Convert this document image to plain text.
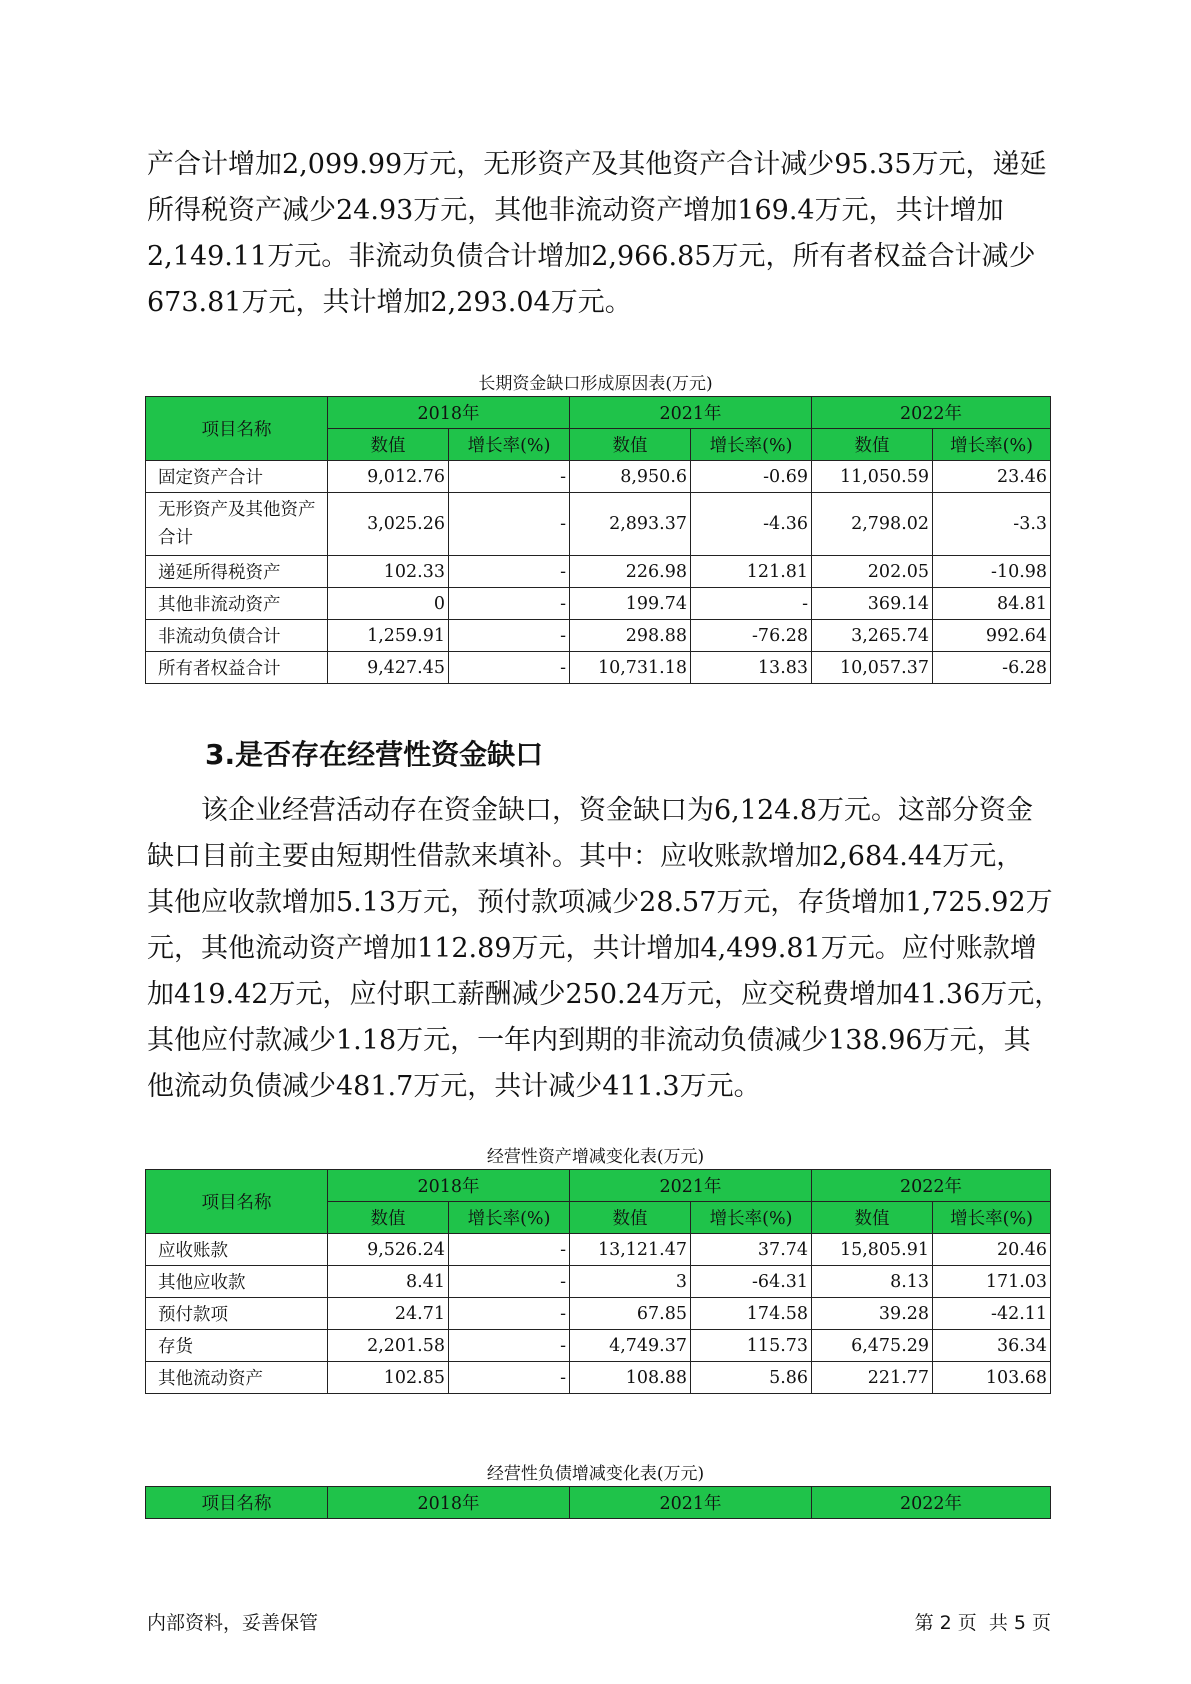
产合计增加2,099.99万元，无形资产及其他资产合计减少95.35万元，递延

所得税资产减少24.93万元，其他非流动资产增加169.4万元，共计增加

2,149.11万元。非流动负债合计增加2,966.85万元，所有者权益合计减少

673.81万元，共计增加2,293.04万元。

长期资金缺口形成原因表(万元)
项目名称	2018年		2021年		2022年	
	数值	增长率(%)	数值	增长率(%)	数值	增长率(%)
固定资产合计	9,012.76	-	8,950.6	-0.69	11,050.59	23.46
无形资产及其他资产合计	3,025.26	-	2,893.37	-4.36	2,798.02	-3.3
递延所得税资产	102.33	-	226.98	121.81	202.05	-10.98
其他非流动资产	0	-	199.74	-	369.14	84.81
非流动负债合计	1,259.91	-	298.88	-76.28	3,265.74	992.64
所有者权益合计	9,427.45	-	10,731.18	13.83	10,057.37	-6.28
3.是否存在经营性资金缺口

该企业经营活动存在资金缺口，资金缺口为6,124.8万元。这部分资金

缺口目前主要由短期性借款来填补。其中：应收账款增加2,684.44万元，

其他应收款增加5.13万元，预付款项减少28.57万元，存货增加1,725.92万

元，其他流动资产增加112.89万元，共计增加4,499.81万元。应付账款增

加419.42万元，应付职工薪酬减少250.24万元，应交税费增加41.36万元，

其他应付款减少1.18万元，一年内到期的非流动负债减少138.96万元，其

他流动负债减少481.7万元，共计减少411.3万元。

经营性资产增减变化表(万元)
项目名称	2018年		2021年		2022年	
	数值	增长率(%)	数值	增长率(%)	数值	增长率(%)
应收账款	9,526.24	-	13,121.47	37.74	15,805.91	20.46
其他应收款	8.41	-	3	-64.31	8.13	171.03
预付款项	24.71	-	67.85	174.58	39.28	-42.11
存货	2,201.58	-	4,749.37	115.73	6,475.29	36.34
其他流动资产	102.85	-	108.88	5.86	221.77	103.68
经营性负债增减变化表(万元)
项目名称	2018年	2021年	2022年
内部资料，妥善保管	第 2 页  共 5 页
